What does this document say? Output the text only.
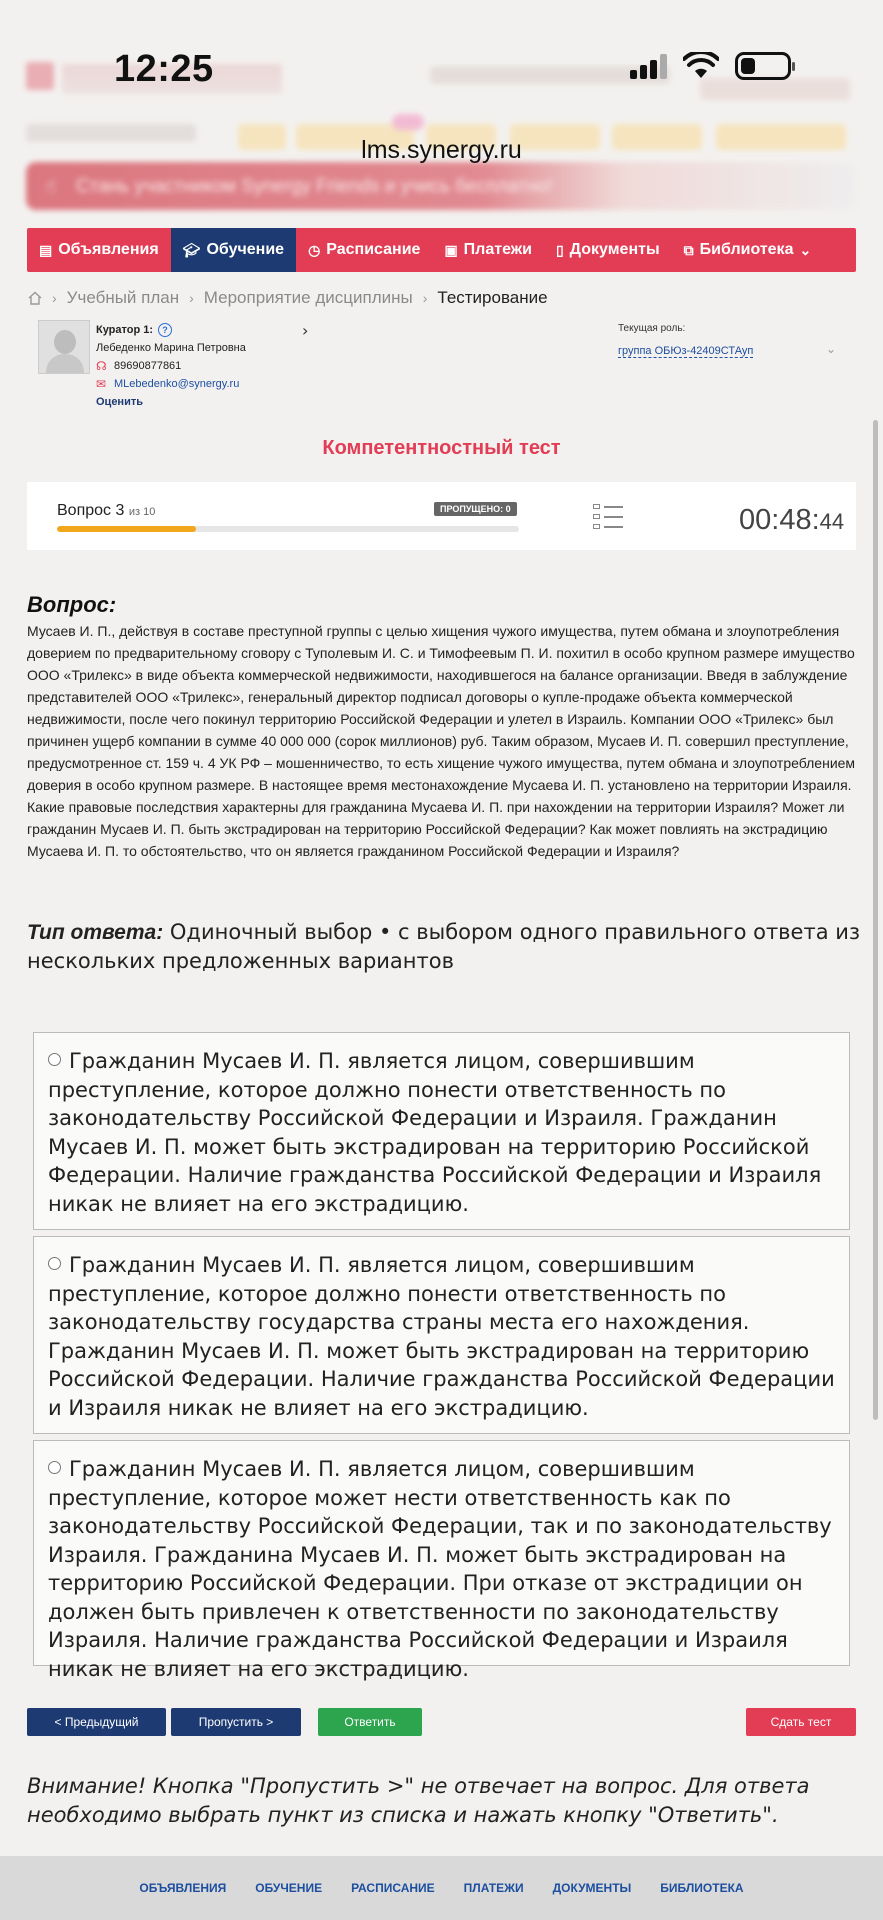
☝ Стань участником Synergy Friends и учись бесплатно!
12:25
lms.synergy.ru
▤ Объявления 🎓︎ Обучение ◷ Расписание ▣ Платежи ▯ Документы ⧉ Библиотека ⌄
› Учебный план › Мероприятие дисциплины › Тестирование
Куратор 1:	?
Лебеденко Марина Петровна
☊ 89690877861
✉ MLebedenko@synergy.ru
Оценить
›	Текущая роль:
группа ОБЮз-42409СТАуп	⌄
Компетентностный тест
Вопрос 3 из 10	ПРОПУЩЕНО: 0	00:48:44
Вопрос:
Мусаев И. П., действуя в составе преступной группы с целью хищения чужого имущества, путем обмана и злоупотребления доверием по предварительному сговору с Туполевым И. С. и Тимофеевым П. И. похитил в особо крупном размере имущество ООО «Трилекс» в виде объекта коммерческой недвижимости, находившегося на балансе организации. Введя в заблуждение представителей ООО «Трилекс», генеральный директор подписал договоры о купле-продаже объекта коммерческой недвижимости, после чего покинул территорию Российской Федерации и улетел в Израиль. Компании ООО «Трилекс» был причинен ущерб компании в сумме 40 000 000 (сорок миллионов) руб. Таким образом, Мусаев И. П. совершил преступление, предусмотренное ст. 159 ч. 4 УК РФ – мошенничество, то есть хищение чужого имущества, путем обмана и злоупотреблением доверия в особо крупном размере. В настоящее время местонахождение Мусаева И. П. установлено на территории Израиля. Какие правовые последствия характерны для гражданина Мусаева И. П. при нахождении на территории Израиля? Может ли гражданин Мусаев И. П. быть экстрадирован на территорию Российской Федерации? Как может повлиять на экстрадицию Мусаева И. П. то обстоятельство, что он является гражданином Российской Федерации и Израиля?
Тип ответа: Одиночный выбор • с выбором одного правильного ответа из нескольких предложенных вариантов
Гражданин Мусаев И. П. является лицом, совершившим преступление, которое должно понести ответственность по законодательству Российской Федерации и Израиля. Гражданин Мусаев И. П. может быть экстрадирован на территорию Российской Федерации. Наличие гражданства Российской Федерации и Израиля никак не влияет на его экстрадицию.
Гражданин Мусаев И. П. является лицом, совершившим преступление, которое должно понести ответственность по законодательству государства страны места его нахождения. Гражданин Мусаев И. П. может быть экстрадирован на территорию Российской Федерации. Наличие гражданства Российской Федерации и Израиля никак не влияет на его экстрадицию.
Гражданин Мусаев И. П. является лицом, совершившим преступление, которое может нести ответственность как по законодательству Российской Федерации, так и по законодательству Израиля. Гражданина Мусаев И. П. может быть экстрадирован на территорию Российской Федерации. При отказе от экстрадиции он должен быть привлечен к ответственности по законодательству Израиля. Наличие гражданства Российской Федерации и Израиля никак не влияет на его экстрадицию.
< Предыдущий	Пропустить >	Ответить	Сдать тест
Внимание! Кнопка "Пропустить >" не отвечает на вопрос. Для ответа необходимо выбрать пункт из списка и нажать кнопку "Ответить".
ОБЪЯВЛЕНИЯ ОБУЧЕНИЕ РАСПИСАНИЕ ПЛАТЕЖИ ДОКУМЕНТЫ БИБЛИОТЕКА
